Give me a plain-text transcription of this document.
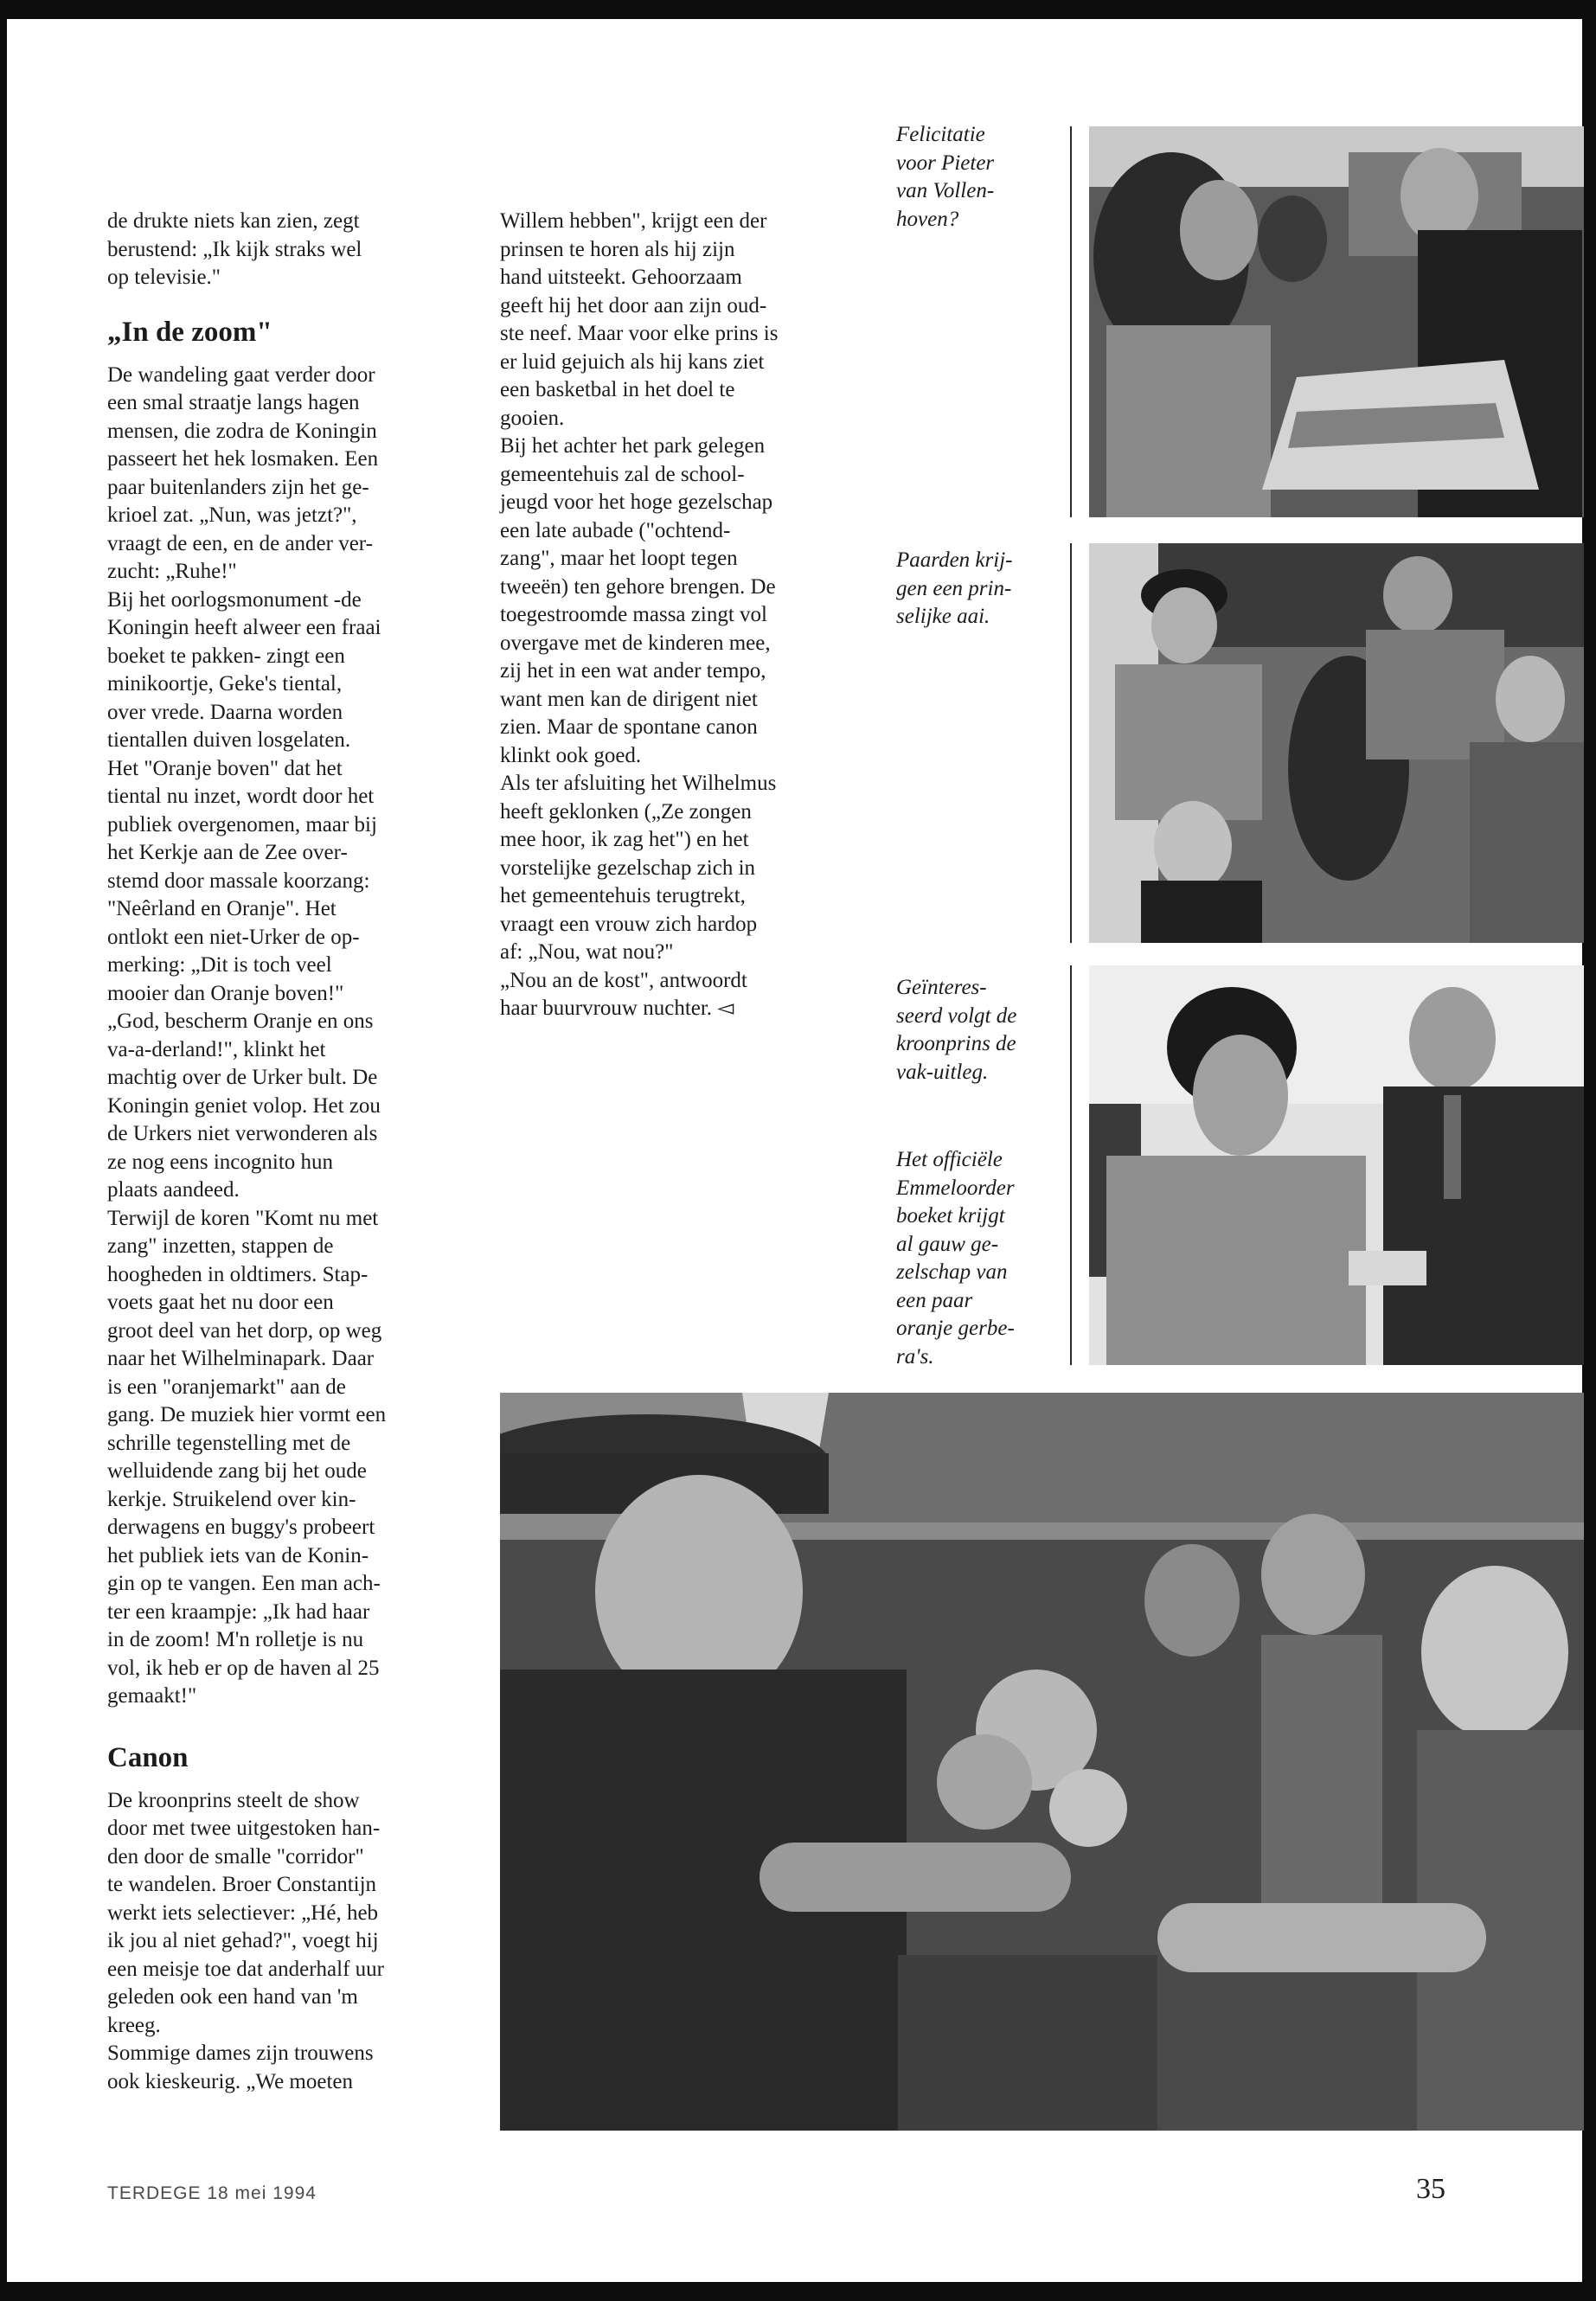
de drukte niets kan zien, zegt

berustend: „Ik kijk straks wel

op televisie."

„In de zoom"

De wandeling gaat verder door

een smal straatje langs hagen

mensen, die zodra de Koningin

passeert het hek losmaken. Een

paar buitenlanders zijn het ge-

krioel zat. „Nun, was jetzt?",

vraagt de een, en de ander ver-

zucht: „Ruhe!"

Bij het oorlogsmonument -de

Koningin heeft alweer een fraai

boeket te pakken- zingt een

minikoortje, Geke's tiental,

over vrede. Daarna worden

tientallen duiven losgelaten.

Het "Oranje boven" dat het

tiental nu inzet, wordt door het

publiek overgenomen, maar bij

het Kerkje aan de Zee over-

stemd door massale koorzang:

"Neêrland en Oranje". Het

ontlokt een niet-Urker de op-

merking: „Dit is toch veel

mooier dan Oranje boven!"

„God, bescherm Oranje en ons

va-a-derland!", klinkt het

machtig over de Urker bult. De

Koningin geniet volop. Het zou

de Urkers niet verwonderen als

ze nog eens incognito hun

plaats aandeed.

Terwijl de koren "Komt nu met

zang" inzetten, stappen de

hoogheden in oldtimers. Stap-

voets gaat het nu door een

groot deel van het dorp, op weg

naar het Wilhelminapark. Daar

is een "oranjemarkt" aan de

gang. De muziek hier vormt een

schrille tegenstelling met de

welluidende zang bij het oude

kerkje. Struikelend over kin-

derwagens en buggy's probeert

het publiek iets van de Konin-

gin op te vangen. Een man ach-

ter een kraampje: „Ik had haar

in de zoom! M'n rolletje is nu

vol, ik heb er op de haven al 25

gemaakt!"

Canon

De kroonprins steelt de show

door met twee uitgestoken han-

den door de smalle "corridor"

te wandelen. Broer Constantijn

werkt iets selectiever: „Hé, heb

ik jou al niet gehad?", voegt hij

een meisje toe dat anderhalf uur

geleden ook een hand van 'm

kreeg.

Sommige dames zijn trouwens

ook kieskeurig. „We moeten

Willem hebben", krijgt een der

prinsen te horen als hij zijn

hand uitsteekt. Gehoorzaam

geeft hij het door aan zijn oud-

ste neef. Maar voor elke prins is

er luid gejuich als hij kans ziet

een basketbal in het doel te

gooien.

Bij het achter het park gelegen

gemeentehuis zal de school-

jeugd voor het hoge gezelschap

een late aubade ("ochtend-

zang", maar het loopt tegen

tweeën) ten gehore brengen. De

toegestroomde massa zingt vol

overgave met de kinderen mee,

zij het in een wat ander tempo,

want men kan de dirigent niet

zien. Maar de spontane canon

klinkt ook goed.

Als ter afsluiting het Wilhelmus

heeft geklonken („Ze zongen

mee hoor, ik zag het") en het

vorstelijke gezelschap zich in

het gemeentehuis terugtrekt,

vraagt een vrouw zich hardop

af: „Nou, wat nou?"

„Nou an de kost", antwoordt

haar buurvrouw nuchter. ◅

Felicitatie
voor Pieter
van Vollen-
hoven?
Paarden krij-
gen een prin-
selijke aai.
Geïnteres-
seerd volgt de
kroonprins de
vak-uitleg.
Het officiële
Emmeloorder
boeket krijgt
al gauw ge-
zelschap van
een paar
oranje gerbe-
ra's.
TERDEGE 18 mei 1994	35
